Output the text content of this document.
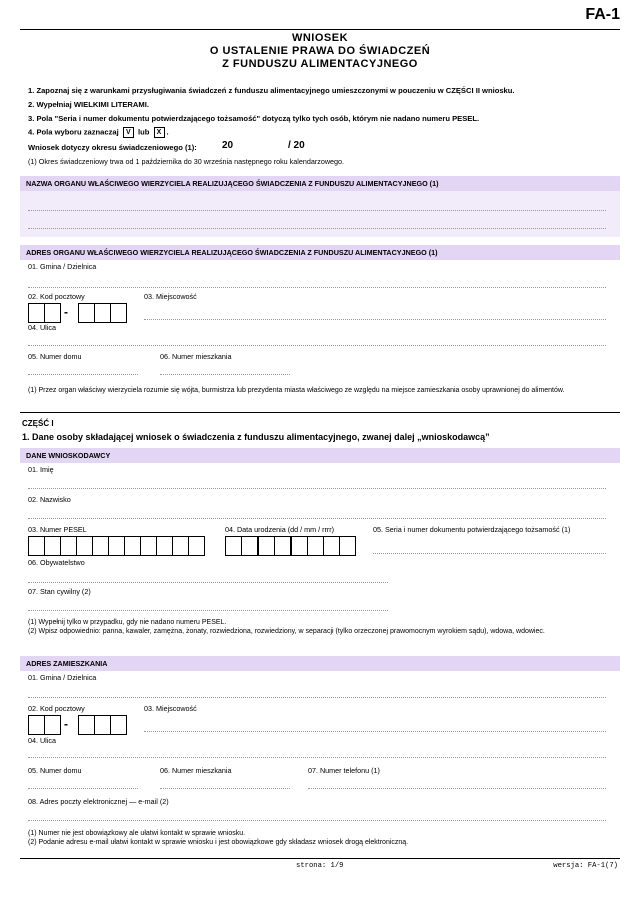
FA-1
WNIOSEK
O USTALENIE PRAWA DO ŚWIADCZEŃ
Z FUNDUSZU ALIMENTACYJNEGO
1. Zapoznaj się z warunkami przysługiwania świadczeń z funduszu alimentacyjnego umieszczonymi w pouczeniu w CZĘŚCI II wniosku.
2. Wypełniaj WIELKIMI LITERAMI.
3. Pola "Seria i numer dokumentu potwierdzającego tożsamość" dotyczą tylko tych osób, którym nie nadano numeru PESEL.
4. Pola wyboru zaznaczaj V lub X .
Wniosek dotyczy okresu świadczeniowego (1):	20	/ 20
(1) Okres świadczeniowy trwa od 1 października do 30 września następnego roku kalendarzowego.
NAZWA ORGANU WŁAŚCIWEGO WIERZYCIELA REALIZUJĄCEGO ŚWIADCZENIA Z FUNDUSZU ALIMENTACYJNEGO (1)
ADRES ORGANU WŁAŚCIWEGO WIERZYCIELA REALIZUJĄCEGO ŚWIADCZENIA Z FUNDUSZU ALIMENTACYJNEGO (1)
01. Gmina / Dzielnica
02. Kod pocztowy	03. Miejscowość
-
04. Ulica
05. Numer domu	06. Numer mieszkania
(1) Przez organ właściwy wierzyciela rozumie się wójta, burmistrza lub prezydenta miasta właściwego ze względu na miejsce zamieszkania osoby uprawnionej do alimentów.
CZĘŚĆ I
1. Dane osoby składającej wniosek o świadczenia z funduszu alimentacyjnego, zwanej dalej „wnioskodawcą”
DANE WNIOSKODAWCY
01. Imię
02. Nazwisko
03. Numer PESEL	04. Data urodzenia (dd / mm / rrrr)	05. Seria i numer dokumentu potwierdzającego tożsamość (1)
06. Obywatelstwo
07. Stan cywilny (2)
(1) Wypełnij tylko w przypadku, gdy nie nadano numeru PESEL.
(2) Wpisz odpowiednio: panna, kawaler, zamężna, żonaty, rozwiedziona, rozwiedziony, w separacji (tylko orzeczonej prawomocnym wyrokiem sądu), wdowa, wdowiec.
ADRES ZAMIESZKANIA
01. Gmina / Dzielnica
02. Kod pocztowy	03. Miejscowość
-
04. Ulica
05. Numer domu	06. Numer mieszkania	07. Numer telefonu (1)
08. Adres poczty elektronicznej — e-mail (2)
(1) Numer nie jest obowiązkowy ale ułatwi kontakt w sprawie wniosku.
(2) Podanie adresu e-mail ułatwi kontakt w sprawie wniosku i jest obowiązkowe gdy składasz wniosek drogą elektroniczną.
strona: 1/9	wersja: FA-1(7)
